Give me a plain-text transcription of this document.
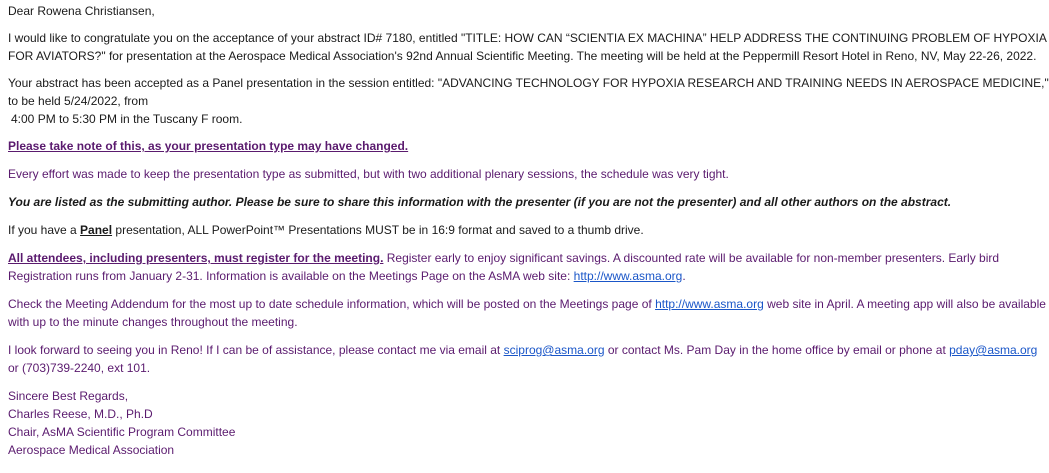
Dear Rowena Christiansen,

I would like to congratulate you on the acceptance of your abstract ID# 7180, entitled "TITLE: HOW CAN “SCIENTIA EX MACHINA” HELP ADDRESS THE CONTINUING PROBLEM OF HYPOXIA

FOR AVIATORS?" for presentation at the Aerospace Medical Association's 92nd Annual Scientific Meeting. The meeting will be held at the Peppermill Resort Hotel in Reno, NV, May 22-26, 2022.

Your abstract has been accepted as a Panel presentation in the session entitled: "ADVANCING TECHNOLOGY FOR HYPOXIA RESEARCH AND TRAINING NEEDS IN AEROSPACE MEDICINE,"

to be held 5/24/2022, from

4:00 PM to 5:30 PM in the Tuscany F room.

Please take note of this, as your presentation type may have changed.

Every effort was made to keep the presentation type as submitted, but with two additional plenary sessions, the schedule was very tight.

You are listed as the submitting author. Please be sure to share this information with the presenter (if you are not the presenter) and all other authors on the abstract.

If you have a Panel presentation, ALL PowerPoint™ Presentations MUST be in 16:9 format and saved to a thumb drive.

All attendees, including presenters, must register for the meeting. Register early to enjoy significant savings. A discounted rate will be available for non-member presenters. Early bird

Registration runs from January 2-31. Information is available on the Meetings Page on the AsMA web site: http://www.asma.org.

Check the Meeting Addendum for the most up to date schedule information, which will be posted on the Meetings page of http://www.asma.org web site in April. A meeting app will also be available

with up to the minute changes throughout the meeting.

I look forward to seeing you in Reno! If I can be of assistance, please contact me via email at sciprog@asma.org or contact Ms. Pam Day in the home office by email or phone at pday@asma.org

or (703)739-2240, ext 101.

Sincere Best Regards,

Charles Reese, M.D., Ph.D

Chair, AsMA Scientific Program Committee

Aerospace Medical Association
